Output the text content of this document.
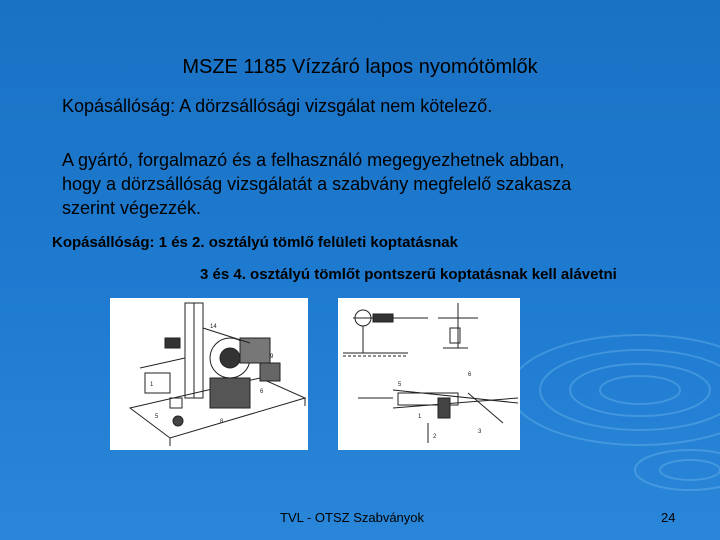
MSZE 1185 Vízzáró lapos nyomótömlők
Kopásállóság: A dörzsállósági vizsgálat nem kötelező.
A gyártó, forgalmazó és a felhasználó megegyezhetnek abban,
hogy a dörzsállóság vizsgálatát a szabvány megfelelő szakasza
szerint végezzék.
Kopásállóság: 1 és 2. osztályú tömlő felületi koptatásnak
3 és 4. osztályú tömlőt pontszerű koptatásnak kell alávetni
1
14
6
5
8
9
6
1
2
3
5
TVL - OTSZ Szabványok	24
